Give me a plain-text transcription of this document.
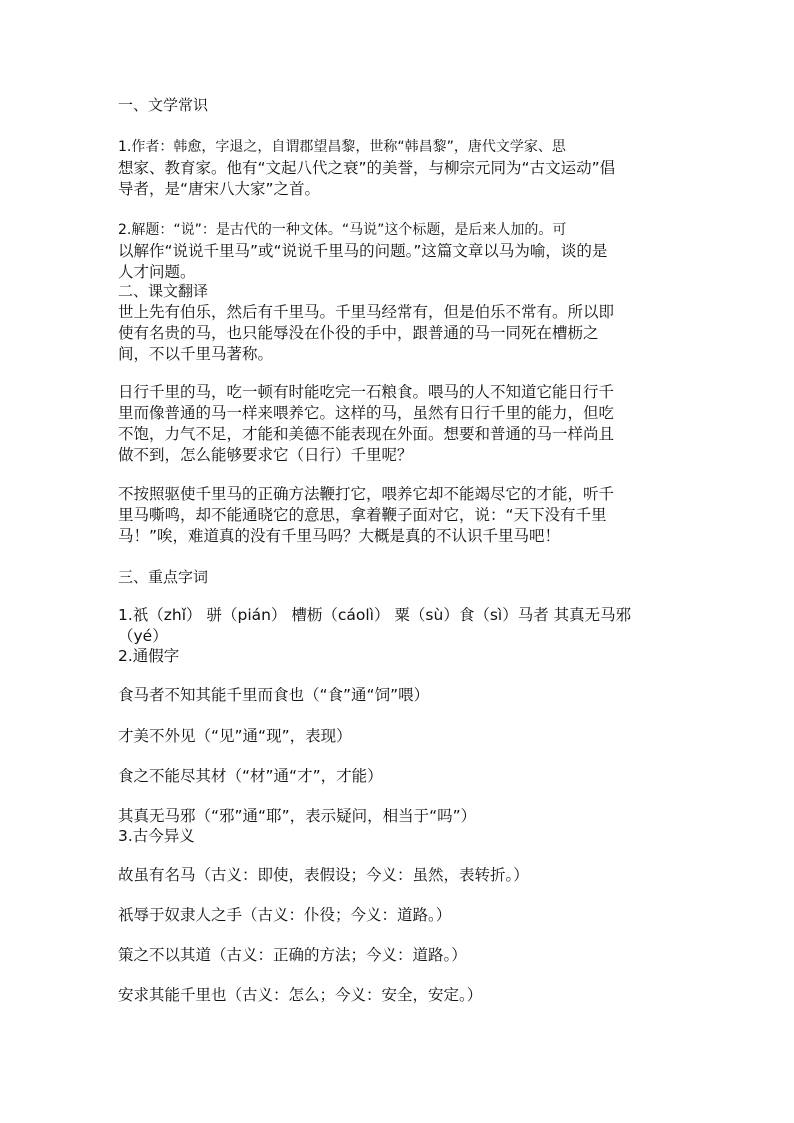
一、文学常识
1.作者：韩愈，字退之，自谓郡望昌黎，世称“韩昌黎”，唐代文学家、思
想家、教育家。他有“文起八代之衰”的美誉，与柳宗元同为“古文运动”倡
导者，是“唐宋八大家”之首。
2.解题：“说”：是古代的一种文体。“马说”这个标题，是后来人加的。可
以解作“说说千里马”或“说说千里马的问题。”这篇文章以马为喻，谈的是
人才问题。
二、课文翻译
世上先有伯乐，然后有千里马。千里马经常有，但是伯乐不常有。所以即
使有名贵的马，也只能辱没在仆役的手中，跟普通的马一同死在槽枥之
间，不以千里马著称。
日行千里的马，吃一顿有时能吃完一石粮食。喂马的人不知道它能日行千
里而像普通的马一样来喂养它。这样的马，虽然有日行千里的能力，但吃
不饱，力气不足，才能和美德不能表现在外面。想要和普通的马一样尚且
做不到，怎么能够要求它（日行）千里呢？
不按照驱使千里马的正确方法鞭打它，喂养它却不能竭尽它的才能，听千
里马嘶鸣，却不能通晓它的意思，拿着鞭子面对它，说：“天下没有千里
马！”唉，难道真的没有千里马吗？大概是真的不认识千里马吧！
三、重点字词
1.祇（zhǐ） 骈（pián） 槽枥（cáolì） 粟（sù）食（sì）马者 其真无马邪
（yé）
2.通假字
食马者不知其能千里而食也（“食”通“饲”喂）
才美不外见（“见”通“现”，表现）
食之不能尽其材（“材”通“才”，才能）
其真无马邪（“邪”通“耶”，表示疑问，相当于“吗”）
3.古今异义
故虽有名马（古义：即使，表假设；今义：虽然，表转折。）
祇辱于奴隶人之手（古义：仆役；今义：道路。）
策之不以其道（古义：正确的方法；今义：道路。）
安求其能千里也（古义：怎么；今义：安全，安定。）
